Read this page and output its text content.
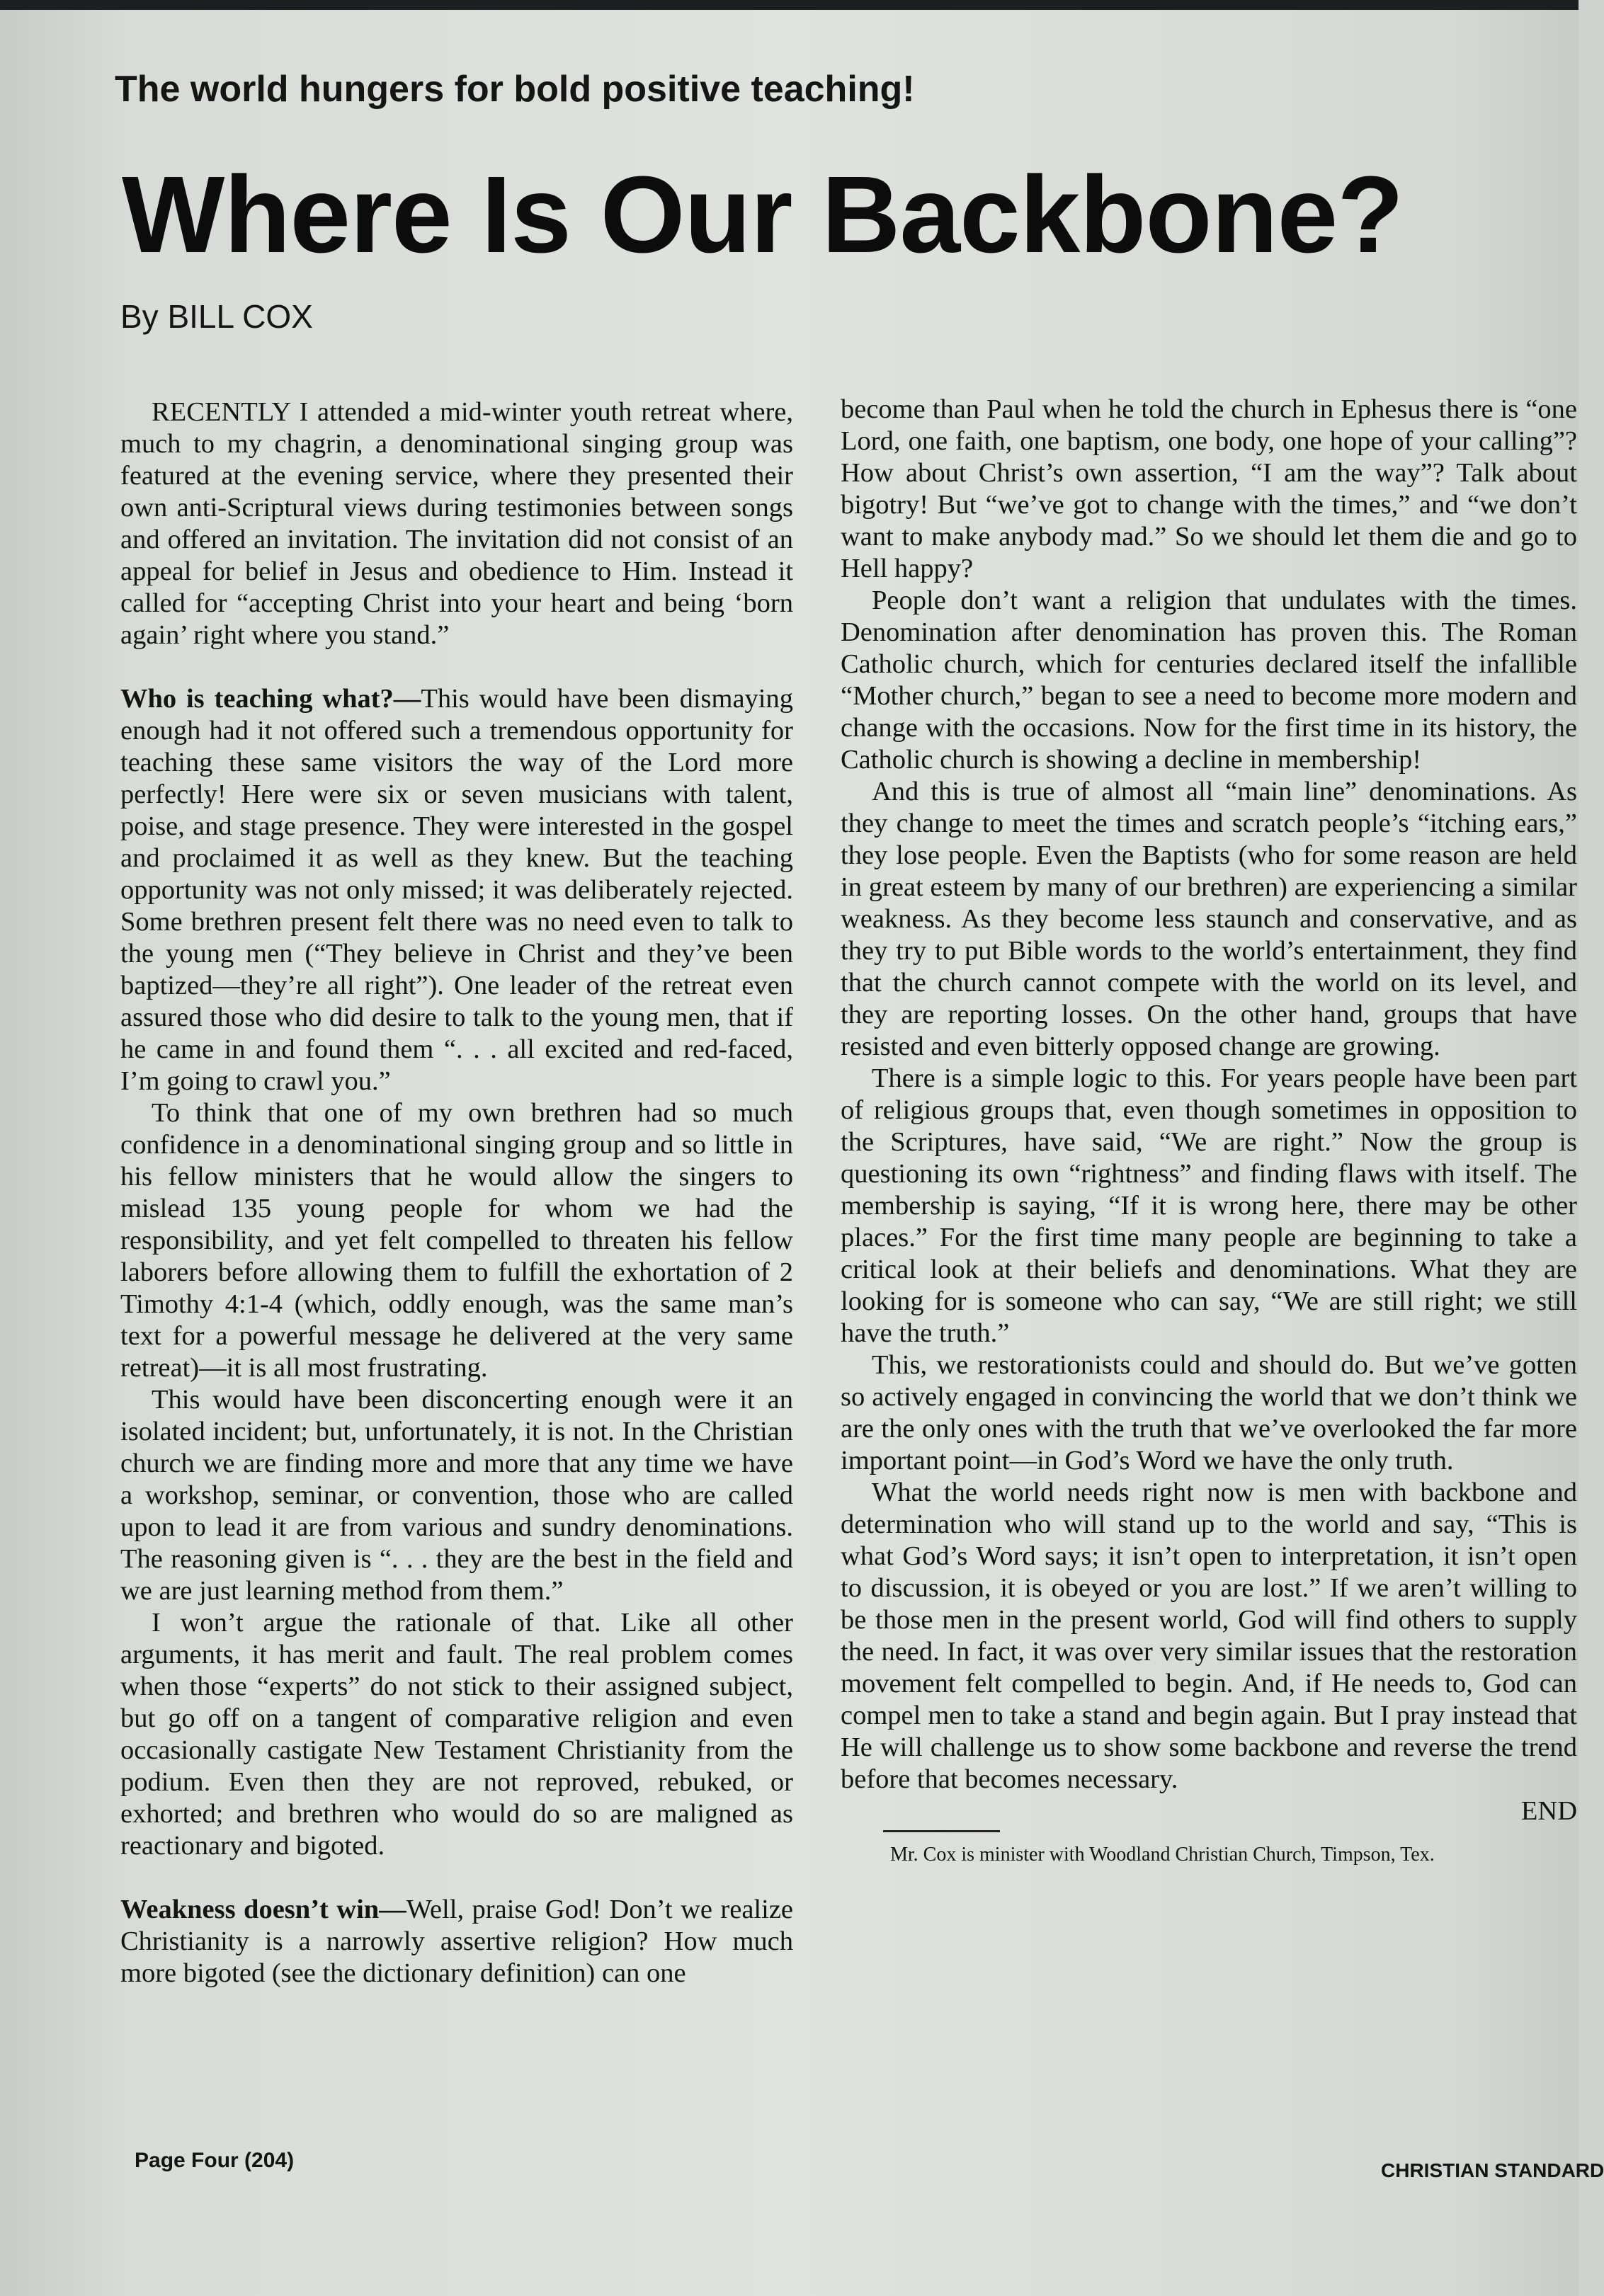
The world hungers for bold positive teaching!
Where Is Our Backbone?
By BILL COX

RECENTLY I attended a mid-winter youth retreat where, much to my chagrin, a denominational singing group was featured at the evening service, where they presented their own anti-Scriptural views during testimonies between songs and offered an invitation. The invitation did not consist of an appeal for belief in Jesus and obedience to Him. Instead it called for “accepting Christ into your heart and being ‘born again’ right where you stand.”

Who is teaching what?—This would have been dismaying enough had it not offered such a tremendous opportunity for teaching these same visitors the way of the Lord more perfectly! Here were six or seven musicians with talent, poise, and stage presence. They were interested in the gospel and proclaimed it as well as they knew. But the teaching opportunity was not only missed; it was deliberately rejected. Some brethren present felt there was no need even to talk to the young men (“They believe in Christ and they’ve been baptized—they’re all right”). One leader of the retreat even assured those who did desire to talk to the young men, that if he came in and found them “. . . all excited and red-faced, I’m going to crawl you.”

To think that one of my own brethren had so much confidence in a denominational singing group and so little in his fellow ministers that he would allow the singers to mislead 135 young people for whom we had the responsibility, and yet felt compelled to threaten his fellow laborers before allowing them to fulfill the exhortation of 2 Timothy 4:1-4 (which, oddly enough, was the same man’s text for a powerful message he delivered at the very same retreat)—it is all most frustrating.

This would have been disconcerting enough were it an isolated incident; but, unfortunately, it is not. In the Christian church we are finding more and more that any time we have a workshop, seminar, or convention, those who are called upon to lead it are from various and sundry denominations. The reasoning given is “. . . they are the best in the field and we are just learning method from them.”

I won’t argue the rationale of that. Like all other arguments, it has merit and fault. The real problem comes when those “experts” do not stick to their assigned subject, but go off on a tangent of comparative religion and even occasionally castigate New Testament Christianity from the podium. Even then they are not reproved, rebuked, or exhorted; and brethren who would do so are maligned as reactionary and bigoted.

Weakness doesn’t win—Well, praise God! Don’t we realize Christianity is a narrowly assertive religion? How much more bigoted (see the dictionary definition) can one

become than Paul when he told the church in Ephesus there is “one Lord, one faith, one baptism, one body, one hope of your calling”? How about Christ’s own assertion, “I am the way”? Talk about bigotry! But “we’ve got to change with the times,” and “we don’t want to make anybody mad.” So we should let them die and go to Hell happy?

People don’t want a religion that undulates with the times. Denomination after denomination has proven this. The Roman Catholic church, which for centuries declared itself the infallible “Mother church,” began to see a need to become more modern and change with the occasions. Now for the first time in its history, the Catholic church is showing a decline in membership!

And this is true of almost all “main line” denominations. As they change to meet the times and scratch people’s “itching ears,” they lose people. Even the Baptists (who for some reason are held in great esteem by many of our brethren) are experiencing a similar weakness. As they become less staunch and conservative, and as they try to put Bible words to the world’s entertainment, they find that the church cannot compete with the world on its level, and they are reporting losses. On the other hand, groups that have resisted and even bitterly opposed change are growing.

There is a simple logic to this. For years people have been part of religious groups that, even though sometimes in opposition to the Scriptures, have said, “We are right.” Now the group is questioning its own “rightness” and finding flaws with itself. The membership is saying, “If it is wrong here, there may be other places.” For the first time many people are beginning to take a critical look at their beliefs and denominations. What they are looking for is someone who can say, “We are still right; we still have the truth.”

This, we restorationists could and should do. But we’ve gotten so actively engaged in convincing the world that we don’t think we are the only ones with the truth that we’ve overlooked the far more important point—in God’s Word we have the only truth.

What the world needs right now is men with backbone and determination who will stand up to the world and say, “This is what God’s Word says; it isn’t open to interpretation, it isn’t open to discussion, it is obeyed or you are lost.” If we aren’t willing to be those men in the present world, God will find others to supply the need. In fact, it was over very similar issues that the restoration movement felt compelled to begin. And, if He needs to, God can compel men to take a stand and begin again. But I pray instead that He will challenge us to show some backbone and reverse the trend before that becomes necessary.

END
Mr. Cox is minister with Woodland Christian Church, Timpson, Tex.
Page Four (204)	CHRISTIAN STANDARD
